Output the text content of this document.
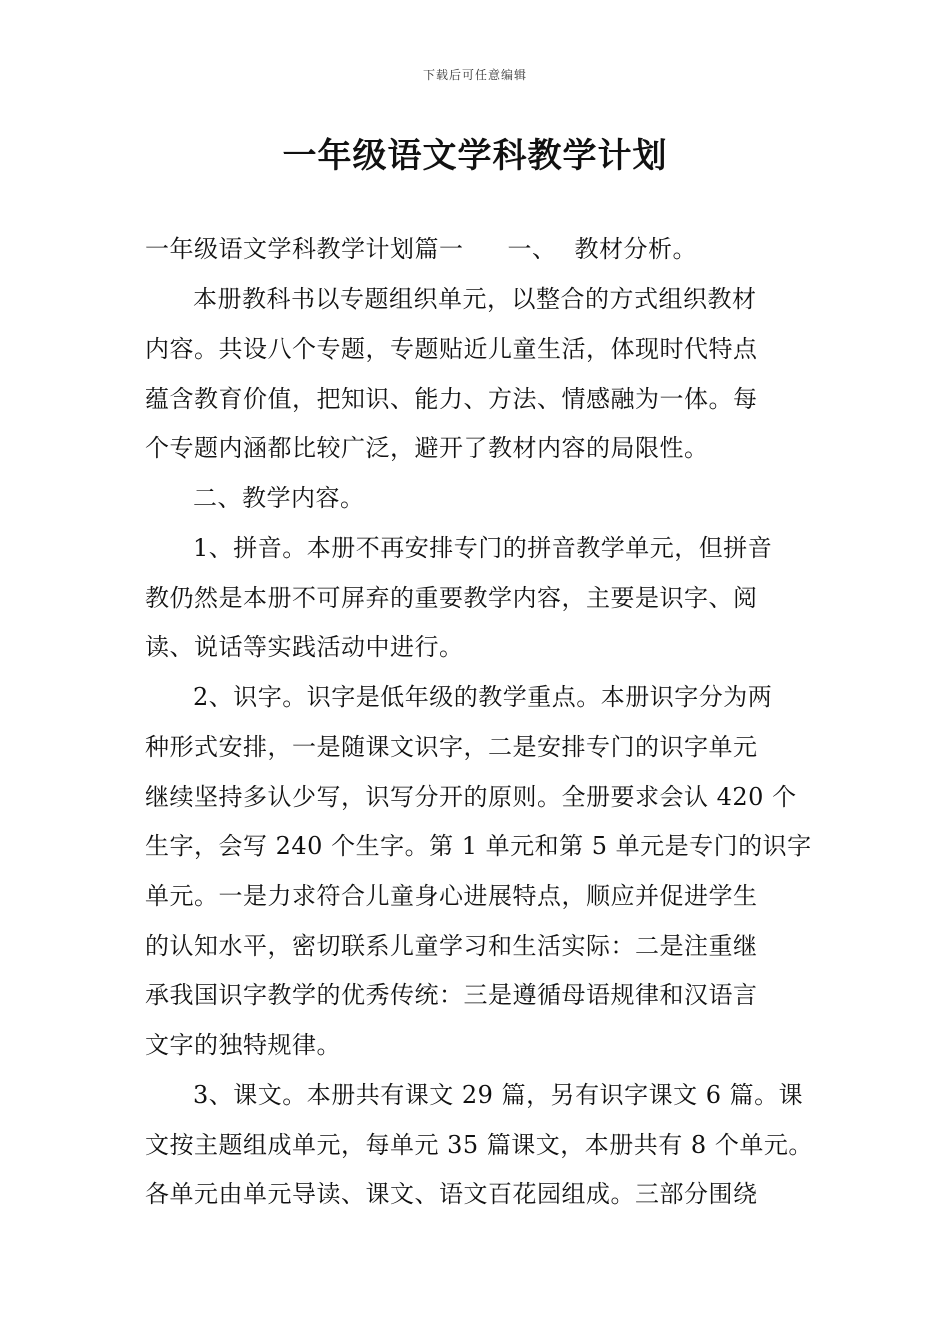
下载后可任意编辑
一年级语文学科教学计划
一年级语文学科教学计划篇一 一、 教材分析。
本册教科书以专题组织单元，以整合的方式组织教材
内容。共设八个专题，专题贴近儿童生活，体现时代特点
蕴含教育价值，把知识、能力、方法、情感融为一体。每
个专题内涵都比较广泛，避开了教材内容的局限性。
二、教学内容。
1、拼音。本册不再安排专门的拼音教学单元，但拼音
教仍然是本册不可屏弃的重要教学内容，主要是识字、阅
读、说话等实践活动中进行。
2、识字。识字是低年级的教学重点。本册识字分为两
种形式安排，一是随课文识字，二是安排专门的识字单元
继续坚持多认少写，识写分开的原则。全册要求会认 420 个
生字，会写 240 个生字。第 1 单元和第 5 单元是专门的识字
单元。一是力求符合儿童身心进展特点，顺应并促进学生
的认知水平，密切联系儿童学习和生活实际：二是注重继
承我国识字教学的优秀传统：三是遵循母语规律和汉语言
文字的独特规律。
3、课文。本册共有课文 29 篇，另有识字课文 6 篇。课
文按主题组成单元，每单元 35 篇课文，本册共有 8 个单元。
各单元由单元导读、课文、语文百花园组成。三部分围绕
